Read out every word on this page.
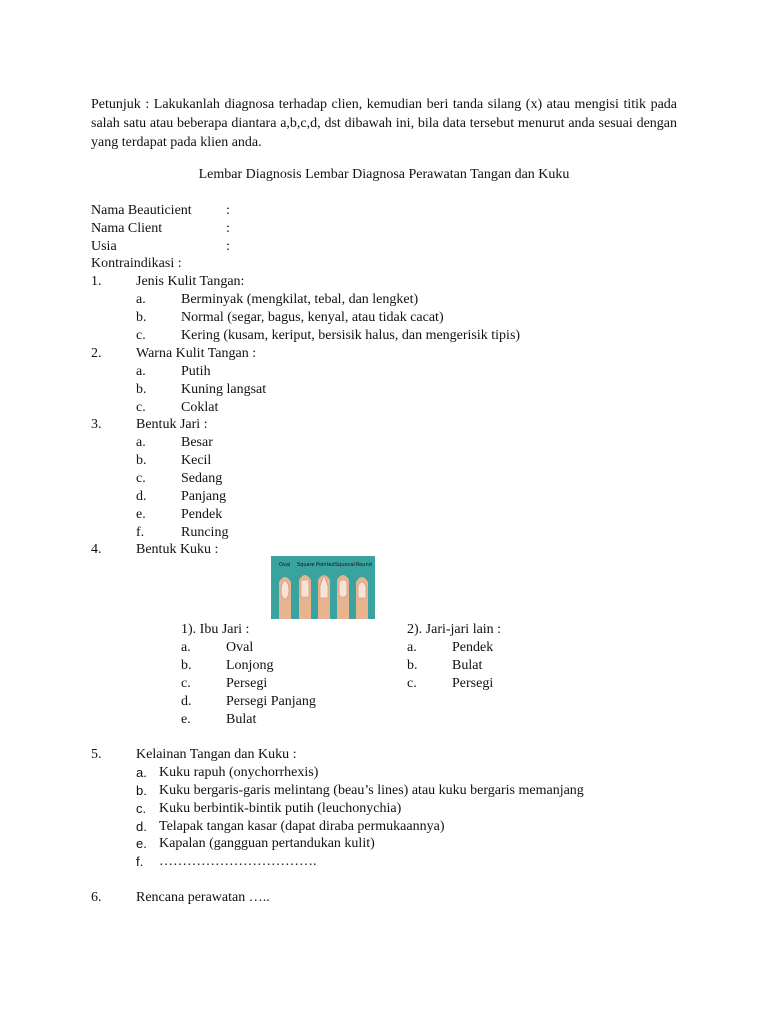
Petunjuk : Lakukanlah diagnosa terhadap clien, kemudian beri tanda silang (x) atau mengisi titik pada salah satu atau beberapa diantara a,b,c,d, dst dibawah ini, bila data tersebut menurut anda sesuai dengan yang terdapat pada klien anda.
Lembar Diagnosis Lembar Diagnosa Perawatan Tangan dan Kuku
Nama Beauticient :
Nama Client	:
Usia	:
Kontraindikasi :
1. Jenis Kulit Tangan:
a.	Berminyak (mengkilat, tebal, dan lengket)
b. Normal (segar, bagus, kenyal, atau tidak cacat)
c.	Kering (kusam, keriput, bersisik halus, dan mengerisik tipis)
2. Warna Kulit Tangan :
a.	Putih
b. Kuning langsat
c.	Coklat
3. Bentuk Jari :
a.	Besar
b. Kecil
c.	Sedang
d. Panjang
e.	Pendek
f.	Runcing
4. Bentuk Kuku :
Oval Square Pointed Squoval Round
1). Ibu Jari :
a.	Oval
b. Lonjong
c.	Persegi
d. Persegi Panjang
e.	Bulat
2). Jari-jari lain :
a.	Pendek
b. Bulat
c.	Persegi
5. Kelainan Tangan dan Kuku :
a. Kuku rapuh (onychorrhexis)
b. Kuku bergaris-garis melintang (beau’s lines) atau kuku bergaris memanjang
c. Kuku berbintik-bintik putih (leuchonychia)
d. Telapak tangan kasar (dapat diraba permukaannya)
e. Kapalan (gangguan pertandukan kulit)
f. …………………………….
6. Rencana perawatan …..
